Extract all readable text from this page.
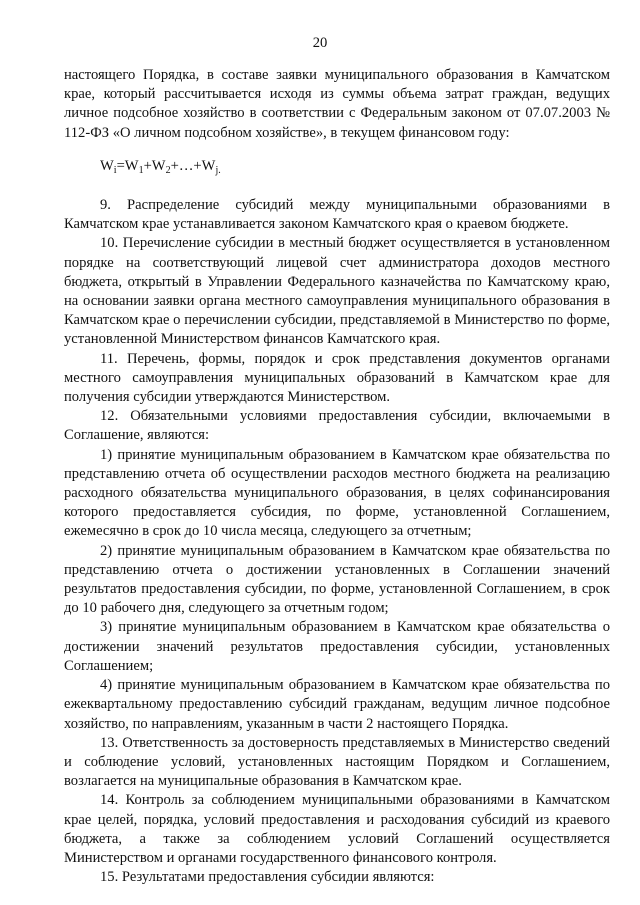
20

настоящего Порядка, в составе заявки муниципального образования в Камчатском крае, который рассчитывается исходя из суммы объема затрат граждан, ведущих личное подсобное хозяйство в соответствии с Федеральным законом от 07.07.2003 № 112-ФЗ «О личном подсобном хозяйстве», в текущем финансовом году:

$W_i=W_1+W_2+\dots+W_{j.}$

9. Распределение субсидий между муниципальными образованиями в Камчатском крае устанавливается законом Камчатского края о краевом бюджете.

10. Перечисление субсидии в местный бюджет осуществляется в установленном порядке на соответствующий лицевой счет администратора доходов местного бюджета, открытый в Управлении Федерального казначейства по Камчатскому краю, на основании заявки органа местного самоуправления муниципального образования в Камчатском крае о перечислении субсидии, представляемой в Министерство по форме, установленной Министерством финансов Камчатского края.

11. Перечень, формы, порядок и срок представления документов органами местного самоуправления муниципальных образований в Камчатском крае для получения субсидии утверждаются Министерством.

12. Обязательными условиями предоставления субсидии, включаемыми в Соглашение, являются:

1) принятие муниципальным образованием в Камчатском крае обязательства по представлению отчета об осуществлении расходов местного бюджета на реализацию расходного обязательства муниципального образования, в целях софинансирования которого предоставляется субсидия, по форме, установленной Соглашением, ежемесячно в срок до 10 числа месяца, следующего за отчетным;

2) принятие муниципальным образованием в Камчатском крае обязательства по представлению отчета о достижении установленных в Соглашении значений результатов предоставления субсидии, по форме, установленной Соглашением, в срок до 10 рабочего дня, следующего за отчетным годом;

3) принятие муниципальным образованием в Камчатском крае обязательства о достижении значений результатов предоставления субсидии, установленных Соглашением;

4) принятие муниципальным образованием в Камчатском крае обязательства по ежеквартальному предоставлению субсидий гражданам, ведущим личное подсобное хозяйство, по направлениям, указанным в части 2 настоящего Порядка.

13. Ответственность за достоверность представляемых в Министерство сведений и соблюдение условий, установленных настоящим Порядком и Соглашением, возлагается на муниципальные образования в Камчатском крае.

14. Контроль за соблюдением муниципальными образованиями в Камчатском крае целей, порядка, условий предоставления и расходования субсидий из краевого бюджета, а также за соблюдением условий Соглашений осуществляется Министерством и органами государственного финансового контроля.

15. Результатами предоставления субсидии являются:
